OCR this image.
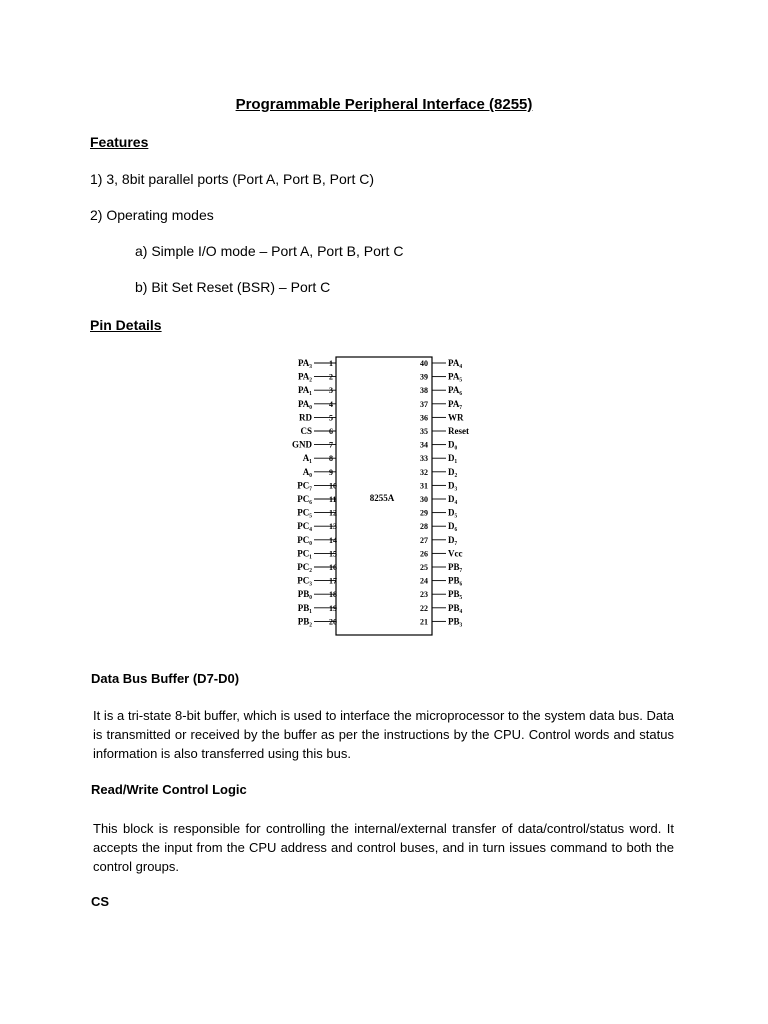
Programmable Peripheral Interface (8255)
Features
1) 3, 8bit parallel ports (Port A, Port B, Port C)
2) Operating modes
a) Simple I/O mode – Port A, Port B, Port C
b) Bit Set Reset (BSR) – Port C
Pin Details
8255A
PA₃ 1
PA₂ 2
PA₁ 3
PA₀ 4
RD 5
CS 6
GND 7
A₁ 8
A₀ 9
PC₇ 10
PC₆ 11
PC₅ 12
PC₄ 13
PC₀ 14
PC₁ 15
PC₂ 16
PC₃ 17
PB₀ 18
PB₁ 19
PB₂ 20
40 PA₄
39 PA₅
38 PA₆
37 PA₇
36 WR
35 Reset
34 D₀
33 D₁
32 D₂
31 D₃
30 D₄
29 D₅
28 D₆
27 D₇
26 Vcc
25 PB₇
24 PB₆
23 PB₅
22 PB₄
21 PB₃
Data Bus Buffer (D7-D0)
It is a tri-state 8-bit buffer, which is used to interface the microprocessor to the system data bus. Data is transmitted or received by the buffer as per the instructions by the CPU. Control words and status information is also transferred using this bus.
Read/Write Control Logic
This block is responsible for controlling the internal/external transfer of data/control/status word. It accepts the input from the CPU address and control buses, and in turn issues command to both the control groups.
CS
